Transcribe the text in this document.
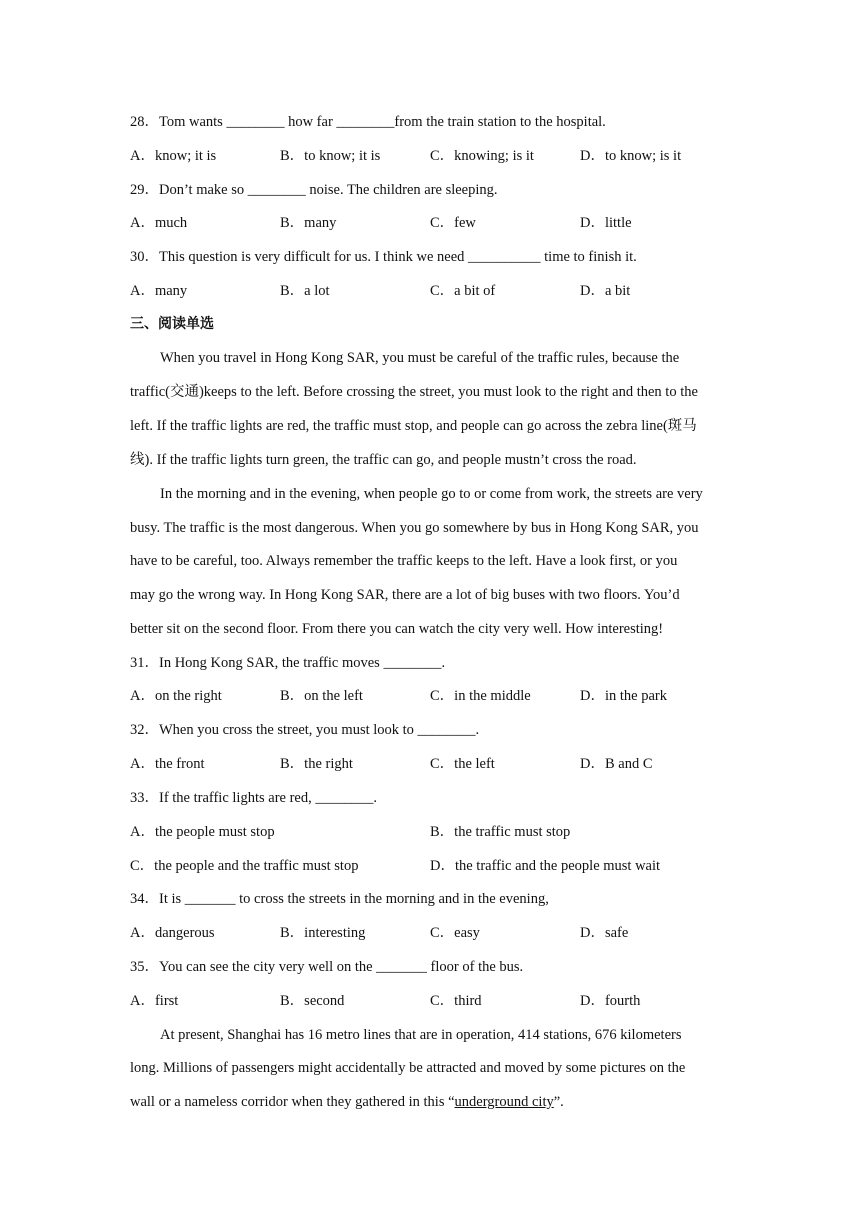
28．Tom wants ________ how far ________from the train station to the hospital.
A．know; it is	B．to know; it is	C．knowing; is it	D．to know; is it
29．Don’t make so ________ noise. The children are sleeping.
A．much	B．many	C．few	D．little
30．This question is very difficult for us. I think we need __________ time to finish it.
A．many	B．a lot	C．a bit of	D．a bit
三、阅读单选
When you travel in Hong Kong SAR, you must be careful of the traffic rules, because the
traffic(交通)keeps to the left. Before crossing the street, you must look to the right and then to the
left. If the traffic lights are red, the traffic must stop, and people can go across the zebra line(斑马
线). If the traffic lights turn green, the traffic can go, and people mustn’t cross the road.
In the morning and in the evening, when people go to or come from work, the streets are very
busy. The traffic is the most dangerous. When you go somewhere by bus in Hong Kong SAR, you
have to be careful, too. Always remember the traffic keeps to the left. Have a look first, or you
may go the wrong way. In Hong Kong SAR, there are a lot of big buses with two floors. You’d
better sit on the second floor. From there you can watch the city very well. How interesting!
31．In Hong Kong SAR, the traffic moves ________.
A．on the right	B．on the left	C．in the middle	D．in the park
32．When you cross the street, you must look to ________.
A．the front	B．the right	C．the left	D．B and C
33．If the traffic lights are red, ________.
A．the people must stop	B．the traffic must stop
C．the people and the traffic must stop	D．the traffic and the people must wait
34．It is _______ to cross the streets in the morning and in the evening,
A．dangerous	B．interesting	C．easy	D．safe
35．You can see the city very well on the _______ floor of the bus.
A．first	B．second	C．third	D．fourth
At present, Shanghai has 16 metro lines that are in operation, 414 stations, 676 kilometers
long. Millions of passengers might accidentally be attracted and moved by some pictures on the
wall or a nameless corridor when they gathered in this “underground city”.
